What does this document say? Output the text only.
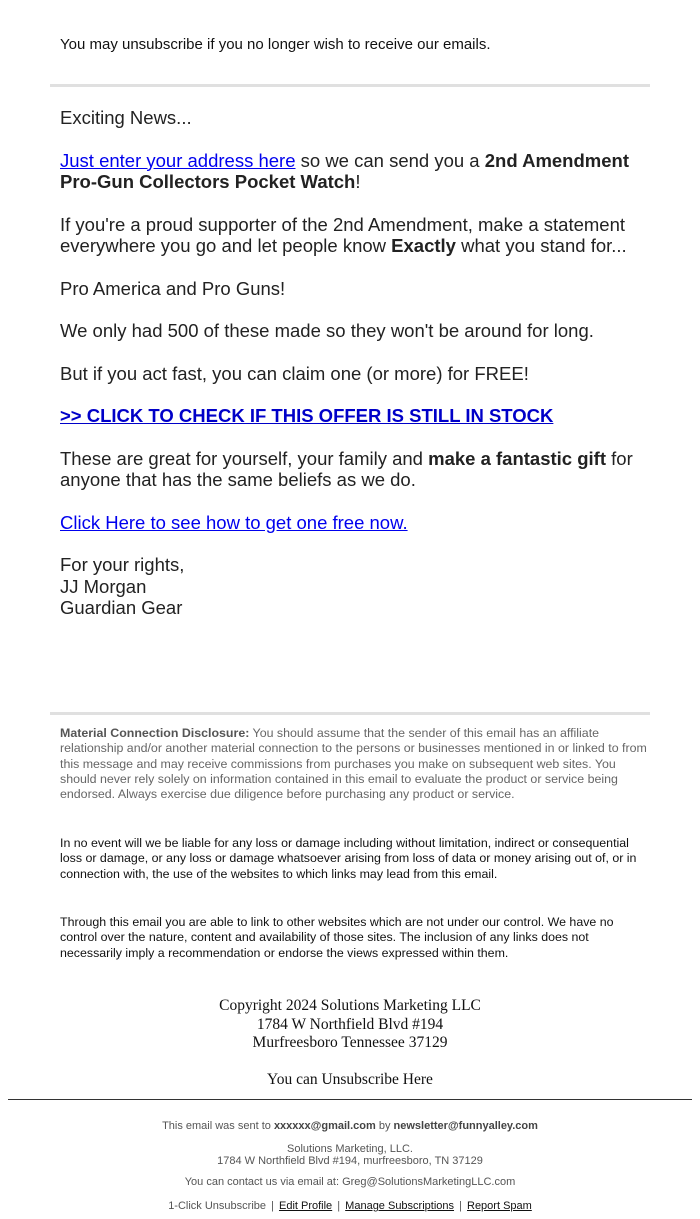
You may unsubscribe if you no longer wish to receive our emails.

Exciting News...

Just enter your address here so we can send you a 2nd Amendment Pro-Gun Collectors Pocket Watch!

If you're a proud supporter of the 2nd Amendment, make a statement everywhere you go and let people know Exactly what you stand for...

Pro America and Pro Guns!

We only had 500 of these made so they won't be around for long.

But if you act fast, you can claim one (or more) for FREE!

>> CLICK TO CHECK IF THIS OFFER IS STILL IN STOCK

These are great for yourself, your family and make a fantastic gift for anyone that has the same beliefs as we do.

Click Here to see how to get one free now.

For your rights,
JJ Morgan
Guardian Gear
Material Connection Disclosure: You should assume that the sender of this email has an affiliate relationship and/or another material connection to the persons or businesses mentioned in or linked to from this message and may receive commissions from purchases you make on subsequent web sites. You should never rely solely on information contained in this email to evaluate the product or service being endorsed. Always exercise due diligence before purchasing any product or service.
In no event will we be liable for any loss or damage including without limitation, indirect or consequential loss or damage, or any loss or damage whatsoever arising from loss of data or money arising out of, or in connection with, the use of the websites to which links may lead from this email.
Through this email you are able to link to other websites which are not under our control. We have no control over the nature, content and availability of those sites. The inclusion of any links does not necessarily imply a recommendation or endorse the views expressed within them.
Copyright 2024 Solutions Marketing LLC
1784 W Northfield Blvd #194
Murfreesboro Tennessee 37129
You can Unsubscribe Here
This email was sent to xxxxxx@gmail.com by newsletter@funnyalley.com
Solutions Marketing, LLC.
1784 W Northfield Blvd #194, murfreesboro, TN 37129
You can contact us via email at: Greg@SolutionsMarketingLLC.com
1-Click Unsubscribe | Edit Profile | Manage Subscriptions | Report Spam
